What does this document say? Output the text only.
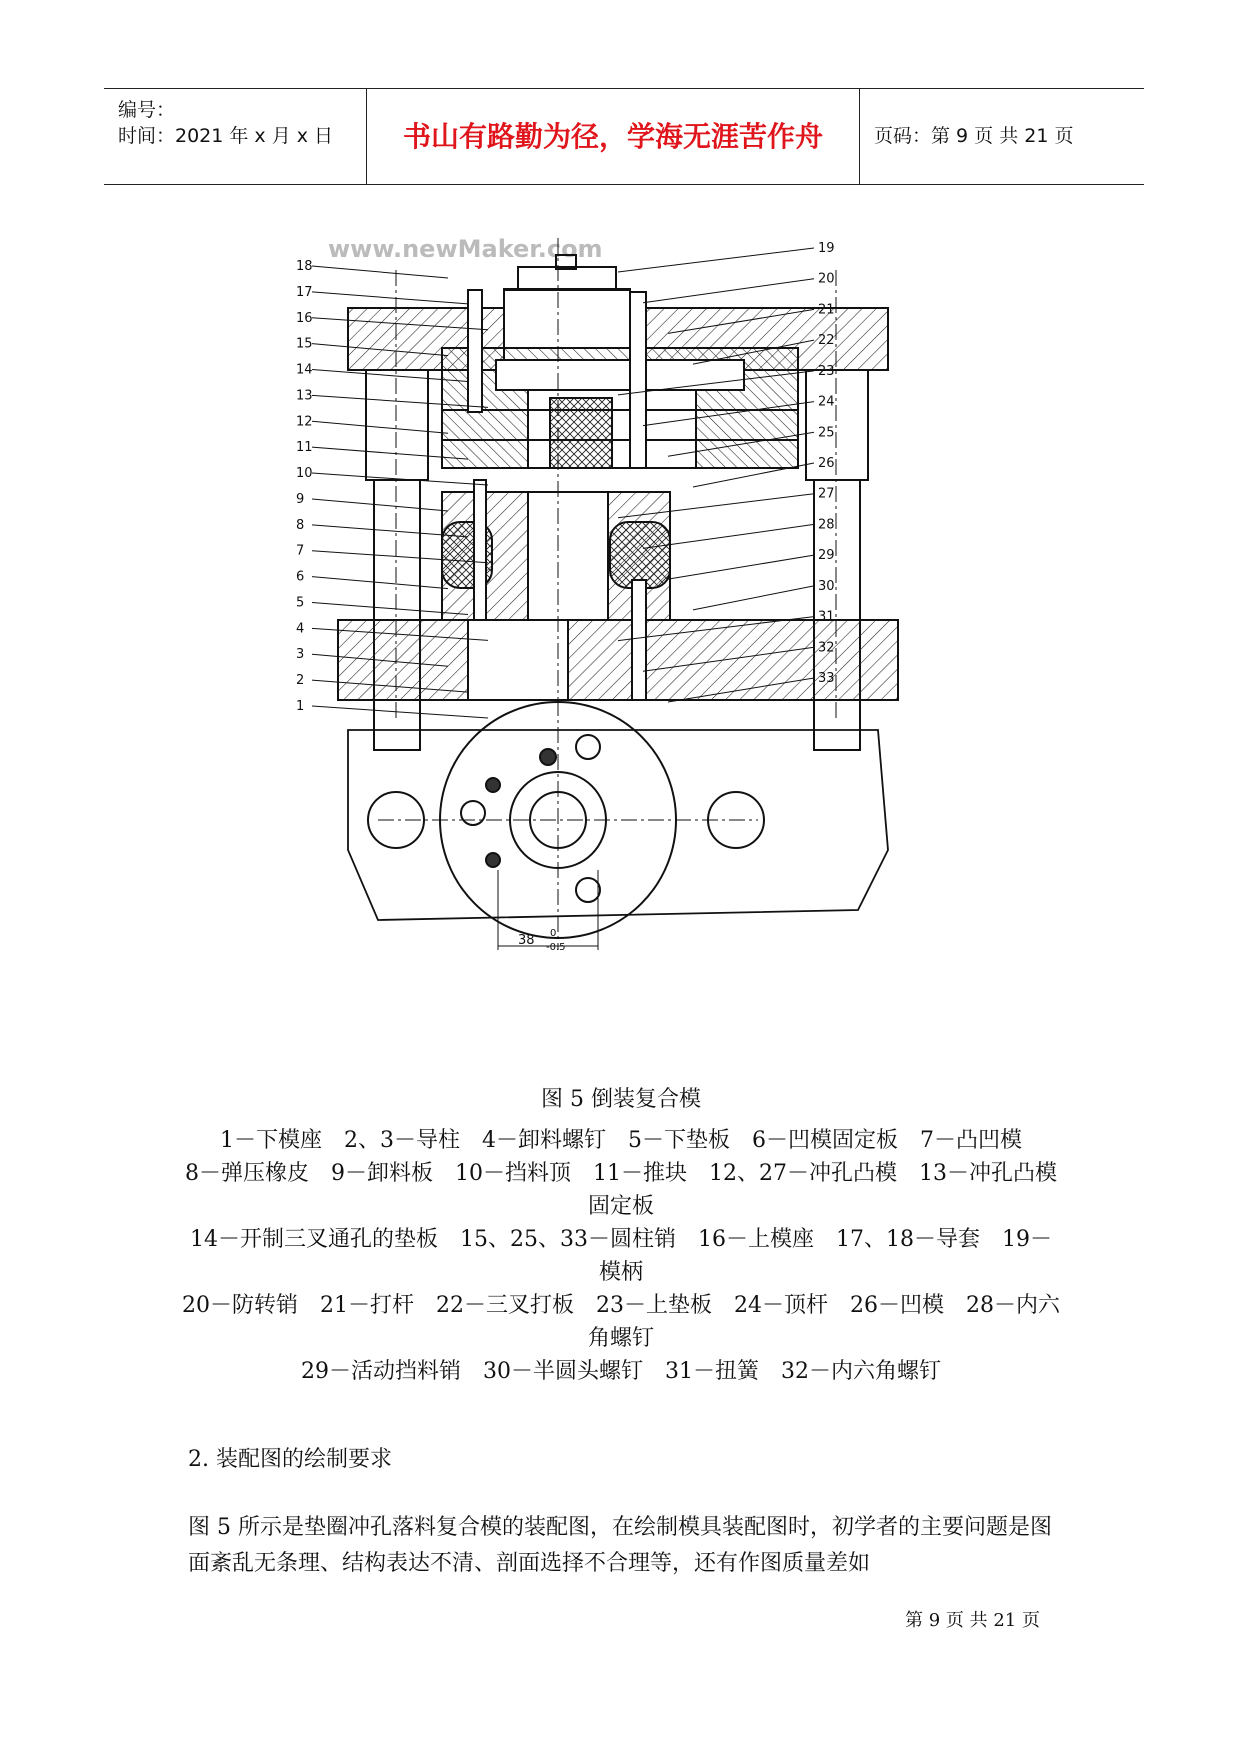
编号：
时间：2021 年 x 月 x 日	书山有路勤为径，学海无涯苦作舟	页码：第 9 页 共 21 页
www.newMaker.com
38 0
-0.5
18
17
16
15
14
13
12
11
10
9
8
7
6
5
4
3
2
1
19
20
21
22
23
24
25
26
27
28
29
30
31
32
33
图 5 倒装复合模
1－下模座　2、3－导柱　4－卸料螺钉　5－下垫板　6－凹模固定板　7－凸凹模
8－弹压橡皮　9－卸料板　10－挡料顶　11－推块　12、27－冲孔凸模　13－冲孔凸模固定板
14－开制三叉通孔的垫板　15、25、33－圆柱销　16－上模座　17、18－导套　19－模柄
20－防转销　21－打杆　22－三叉打板　23－上垫板　24－顶杆　26－凹模　28－内六角螺钉
29－活动挡料销　30－半圆头螺钉　31－扭簧　32－内六角螺钉
2. 装配图的绘制要求
图 5 所示是垫圈冲孔落料复合模的装配图，在绘制模具装配图时，初学者的主要问题是图面紊乱无条理、结构表达不清、剖面选择不合理等，还有作图质量差如
第 9 页 共 21 页
